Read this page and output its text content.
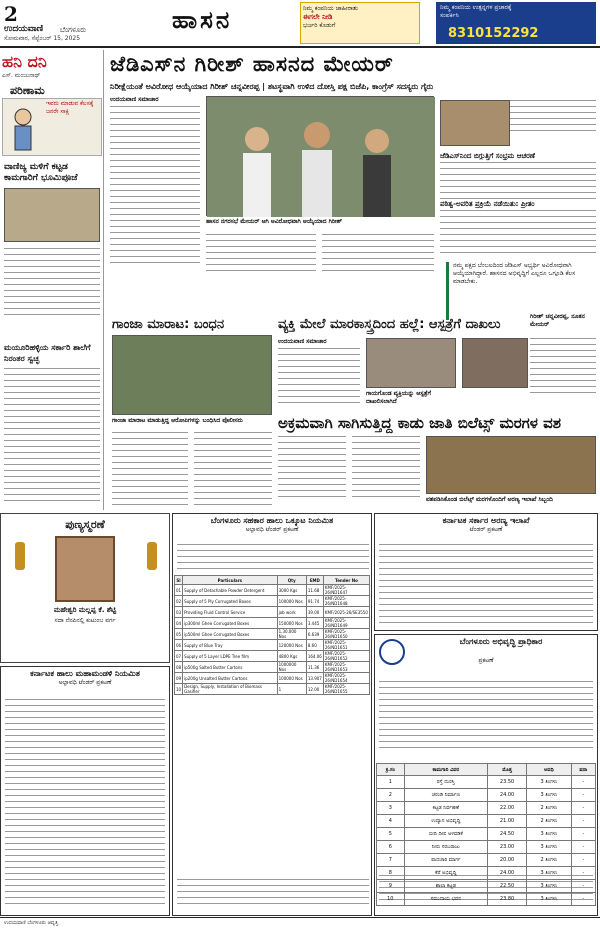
2
ಉದಯವಾಣಿ
ಸೋಮವಾರ, ಸೆಪ್ಟೆಂಬರ್ 15, 2025
ಬೆಂಗಳೂರು	ಹಾಸನ	ನಿಮ್ಮ ಕಂಪನಿಯ ಜಾಹೀರಾತು
ಈಗಲೇ ನೀಡಿ
ಭರ್ಜರಿ ಕೊಡುಗೆ
ನಿಮ್ಮ ಕಂಪನಿಯ ಉತ್ಪನ್ನಗಳ ಪ್ರಚಾರಕ್ಕೆ
ಸಂಪರ್ಕಿಸಿ
8310152292
ಹನಿ ದನಿ
ಎಸ್. ಮಂಜುನಾಥ್
ಪರಿಣಾಮ
ಇವರು ಮಾಡುವ ಕೆಲಸಕ್ಕೆ ಜನರೇ ಸಾಕ್ಷಿ
ವಾಣಿಜ್ಯ ಮಳಿಗೆ ಕಟ್ಟಡ ಕಾಮಗಾರಿಗೆ ಭೂಮಿಪೂಜೆ
ಮಯೂರಿಹಳ್ಳಿಯ ಸರ್ಕಾರಿ ಶಾಲೆಗೆ ನಿರಂತರ ಸ್ವಚ್ಛ
ಜೆಡಿಎಸ್‌ನ ಗಿರೀಶ್ ಹಾಸನದ ಮೇಯರ್
ನಿರೀಕ್ಷೆಯಂತೆ ಅವಿರೋಧ ಆಯ್ಕೆಯಾದ ಗಿರೀಶ್ ಚನ್ನವೀರಪ್ಪ | ತಟಸ್ಥವಾಗಿ ಉಳಿದ ದೋಸ್ತಿ ಪಕ್ಷ ಬಿಜೆಪಿ, ಕಾಂಗ್ರೆಸ್ ಸದಸ್ಯರು ಗೈರು
ಉದಯವಾಣಿ ಸಮಾಚಾರ
ಹಾಸನ ನಗರಸಭೆ ಮೇಯರ್ ಆಗಿ ಅವಿರೋಧವಾಗಿ ಆಯ್ಕೆಯಾದ ಗಿರೀಶ್
ಜೆಡಿಎಸ್‌ನಿಂದ ಬಿಗ್ಗುತ್ತಿಗೆ ಸಂಭ್ರಮ ಆಚರಣೆ
ಪಠಿತ್ವ-ಅವರಿತ ಪ್ರಕ್ರಿಯೆ ನಡೆಯಿತು: ಪ್ರೀತಂ
ನಮ್ಮ ಪಕ್ಷದ ಬೆಂಬಲದಿಂದ ಜೆಡಿಎಸ್ ಅಭ್ಯರ್ಥಿ ಅವಿರೋಧವಾಗಿ ಆಯ್ಕೆಯಾಗಿದ್ದಾರೆ. ಹಾಸನದ ಅಭಿವೃದ್ಧಿಗೆ ಎಲ್ಲರೂ ಒಗ್ಗೂಡಿ ಕೆಲಸ ಮಾಡಬೇಕು.
ಗಿರೀಶ್ ಚನ್ನವೀರಪ್ಪ, ನೂತನ ಮೇಯರ್
ಗಾಂಜಾ ಮಾರಾಟ: ಬಂಧನ
ಗಾಂಜಾ ಮಾರಾಟ ಮಾಡುತ್ತಿದ್ದ ಆರೋಪಿಗಳನ್ನು ಬಂಧಿಸಿದ ಪೊಲೀಸರು
ವ್ಯಕ್ತಿ ಮೇಲೆ ಮಾರಕಾಸ್ತ್ರದಿಂದ ಹಲ್ಲೆ: ಆಸ್ಪತ್ರೆಗೆ ದಾಖಲು
ಉದಯವಾಣಿ ಸಮಾಚಾರ
ಗಾಯಗೊಂಡ ವ್ಯಕ್ತಿಯನ್ನು ಆಸ್ಪತ್ರೆಗೆ ದಾಖಲಿಸಲಾಗಿದೆ
ಅಕ್ರಮವಾಗಿ ಸಾಗಿಸುತ್ತಿದ್ದ ಕಾಡು ಜಾತಿ ಬಿಲೆಟ್ಸ್ ಮರಗಳ ವಶ
ವಶಪಡಿಸಿಕೊಂಡ ಬಿಲೆಟ್ಸ್ ಮರಗಳೊಂದಿಗೆ ಅರಣ್ಯ ಇಲಾಖೆ ಸಿಬ್ಬಂದಿ
ಪುಣ್ಯಸ್ಮರಣೆ
ಮಹೇಶ್ವರಿ ಮಲ್ಲಪ್ಪ ಕೆ. ಶೆಟ್ಟಿ
ಸದಾ ನೆನಪಿನಲ್ಲಿ ಕುಟುಂಬ ವರ್ಗ
ಕರ್ನಾಟಕ ಹಾಲು ಮಹಾಮಂಡಳಿ ನಿಯಮಿತ
ಅಲ್ಪಾವಧಿ ಟೆಂಡರ್ ಪ್ರಕಟಣೆ
ಬೆಂಗಳೂರು ಸಹಕಾರ ಹಾಲು ಒಕ್ಕೂಟ ನಿಯಮಿತ
ಅಲ್ಪಾವಧಿ ಟೆಂಡರ್ ಪ್ರಕಟಣೆ
Sl	Particulars	Qty	EMD	Tender No
01	Supply of Detachable Powder Detergent	3000 Kgs	11.68	KMF/2025-26/ND1647
02	Supply of 5 Ply Corrugated Boxes	100000 Nos	91.74	KMF/2025-26/ND1648
03	Providing Fluid Control Service	job work	39.00	KMF/2025-26/SE3550
04	ip300ml Ghee Corrugated Boxes	150000 Nos	3.445	KMF/2025-26/ND1649
05	ip500ml Ghee Corrugated Boxes	1,30,000 Nos	6.639	KMF/2025-26/ND1650
06	Supply of Blue Tray	120000 Nos	8.60	KMF/2025-26/ND1651
07	Supply of 5 Layer LDPE Tree film	4800 Kgs	164.06	KMF/2025-26/ND1652
08	ip500g Salted Butter Cartons	1000000 Nos	11.36	KMF/2025-26/ND1653
09	ip200g Unsalted Butter Cartons	100000 Nos	13.907	KMF/2025-26/ND1654
10	Design, Supply, Installation of Biomass Gasifier	1	12.00	KMF/2025-26/ND1655
ಕರ್ನಾಟಕ ಸರ್ಕಾರ ಅರಣ್ಯ ಇಲಾಖೆ
ಟೆಂಡರ್ ಪ್ರಕಟಣೆ
ಬೆಂಗಳೂರು ಅಭಿವೃದ್ಧಿ ಪ್ರಾಧಿಕಾರ
ಪ್ರಕಟಣೆ
ಕ್ರ.ಸಂ	ಕಾಮಗಾರಿ ವಿವರ	ಮೊತ್ತ	ಅವಧಿ	ಷರಾ
1	ರಸ್ತೆ ದುರಸ್ತಿ	23.50	3 ತಿಂಗಳು	-
2	ಚರಂಡಿ ನಿರ್ಮಾಣ	24.00	3 ತಿಂಗಳು	-
3	ಕಟ್ಟಡ ನಿರ್ವಹಣೆ	22.00	2 ತಿಂಗಳು	-
4	ಉದ್ಯಾನ ಅಭಿವೃದ್ಧಿ	21.00	2 ತಿಂಗಳು	-
5	ಬೀದಿ ದೀಪ ಅಳವಡಿಕೆ	24.50	3 ತಿಂಗಳು	-
6	ನೀರು ಸರಬರಾಜು	23.00	3 ತಿಂಗಳು	-
7	ಪಾದಚಾರಿ ಮಾರ್ಗ	20.00	2 ತಿಂಗಳು	-
8	ಕೆರೆ ಅಭಿವೃದ್ಧಿ	24.00	3 ತಿಂಗಳು	-
9	ಶಾಲಾ ಕಟ್ಟಡ	22.50	3 ತಿಂಗಳು	-
10	ಸಮುದಾಯ ಭವನ	23.80	3 ತಿಂಗಳು	-
ಉದಯವಾಣಿ ಬೆಂಗಳೂರು ಆವೃತ್ತಿ
